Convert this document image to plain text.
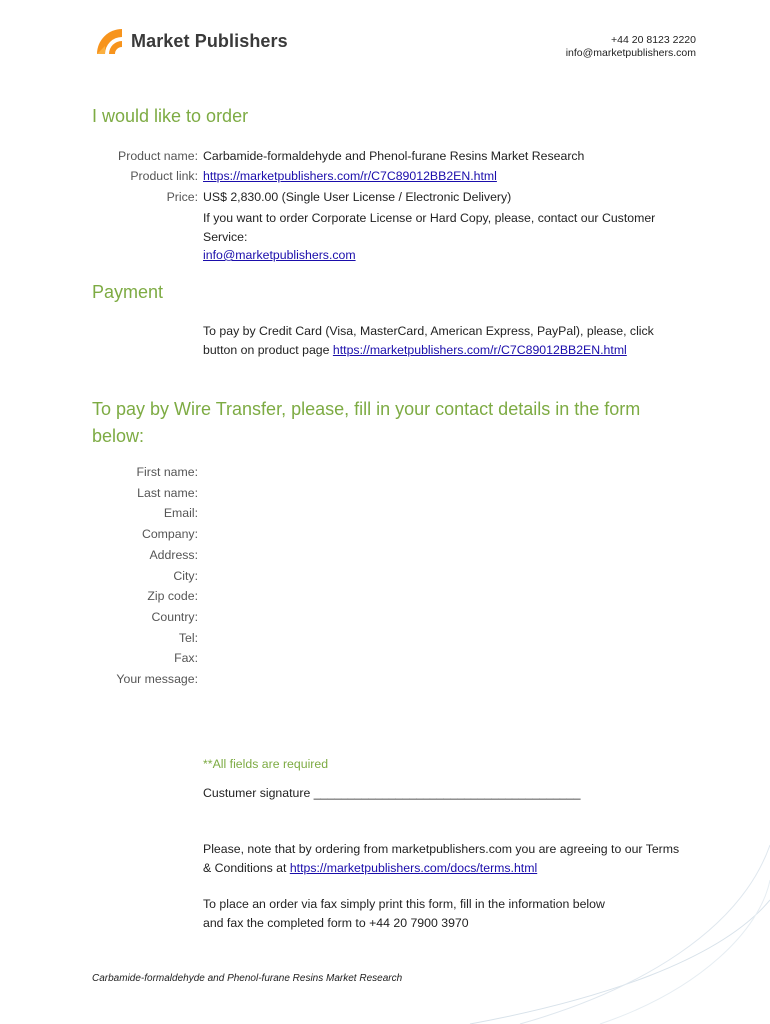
Market Publishers	+44 20 8123 2220
info@marketpublishers.com
I would like to order
Product name: Carbamide-formaldehyde and Phenol-furane Resins Market Research
Product link: https://marketpublishers.com/r/C7C89012BB2EN.html
Price: US$ 2,830.00 (Single User License / Electronic Delivery)
If you want to order Corporate License or Hard Copy, please, contact our Customer
Service:
info@marketpublishers.com
Payment
To pay by Credit Card (Visa, MasterCard, American Express, PayPal), please, click
button on product page https://marketpublishers.com/r/C7C89012BB2EN.html
To pay by Wire Transfer, please, fill in your contact details in the form
below:
First name:
Last name:
Email:
Company:
Address:
City:
Zip code:
Country:
Tel:
Fax:
Your message:
**All fields are required
Custumer signature _______________________________________
Please, note that by ordering from marketpublishers.com you are agreeing to our Terms
& Conditions at https://marketpublishers.com/docs/terms.html
To place an order via fax simply print this form, fill in the information below
and fax the completed form to +44 20 7900 3970
Carbamide-formaldehyde and Phenol-furane Resins Market Research
